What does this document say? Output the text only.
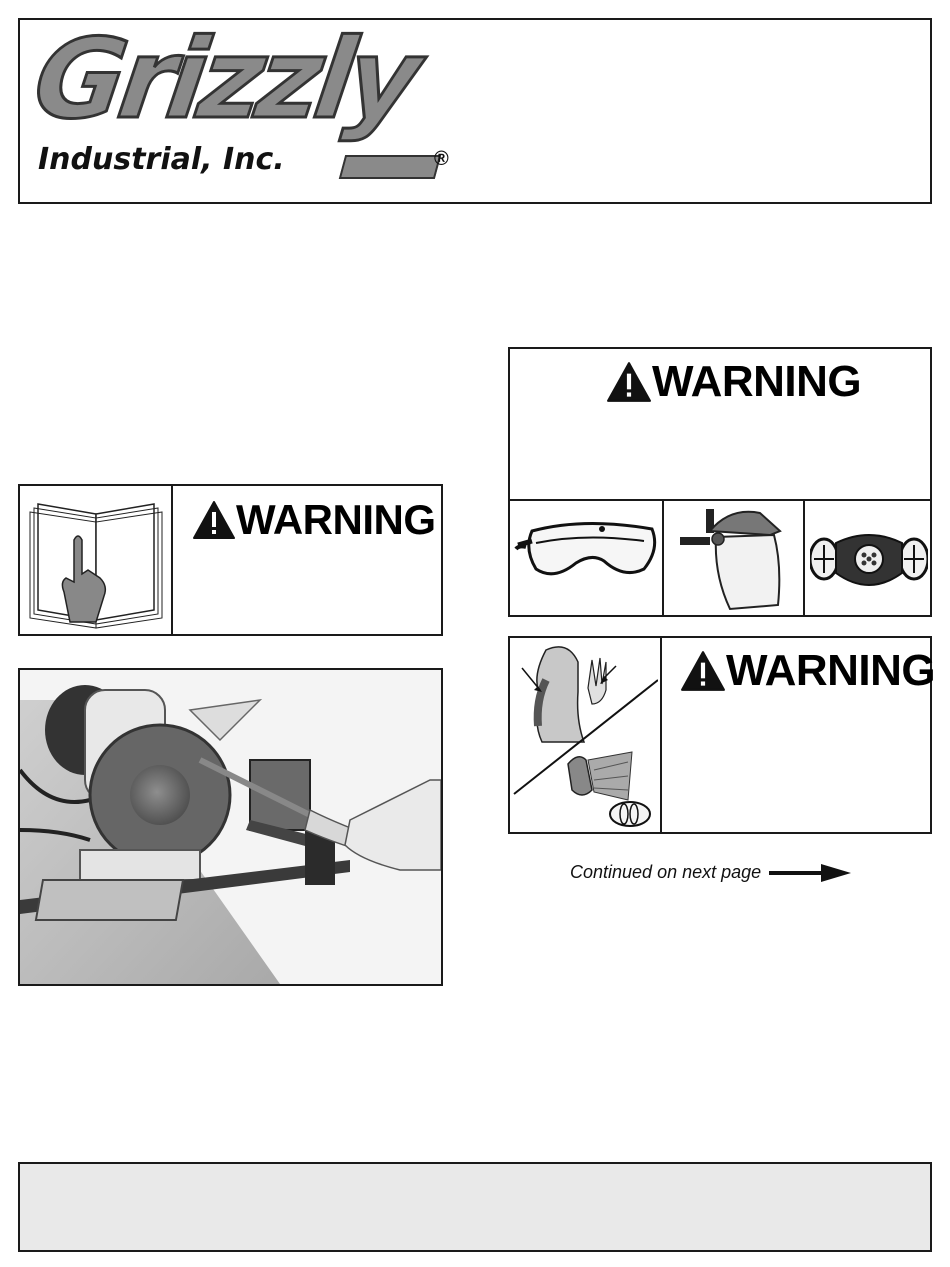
Grizzly
Industrial, Inc.	®
WARNING
WARNING
WARNING
Continued on next page
